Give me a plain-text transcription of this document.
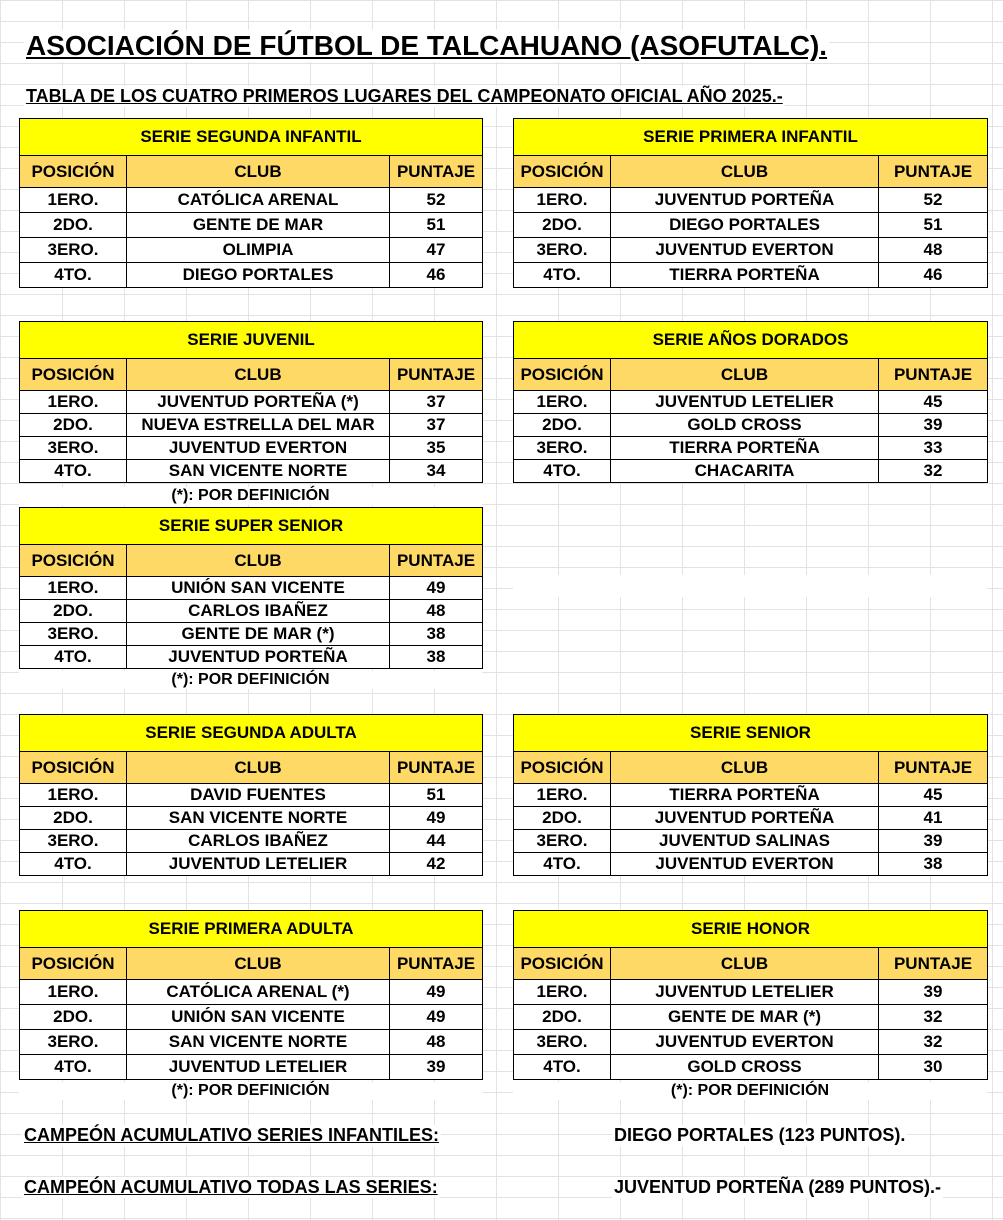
ASOCIACIÓN DE FÚTBOL DE TALCAHUANO (ASOFUTALC).
TABLA DE LOS CUATRO PRIMEROS LUGARES DEL CAMPEONATO OFICIAL AÑO 2025.-
SERIE SEGUNDA INFANTIL		
POSICIÓN	CLUB	PUNTAJE
1ERO.	CATÓLICA ARENAL	52
2DO.	GENTE DE MAR	51
3ERO.	OLIMPIA	47
4TO.	DIEGO PORTALES	46
SERIE PRIMERA INFANTIL		
POSICIÓN	CLUB	PUNTAJE
1ERO.	JUVENTUD PORTEÑA	52
2DO.	DIEGO PORTALES	51
3ERO.	JUVENTUD EVERTON	48
4TO.	TIERRA PORTEÑA	46
SERIE JUVENIL		
POSICIÓN	CLUB	PUNTAJE
1ERO.	JUVENTUD PORTEÑA (*)	37
2DO.	NUEVA ESTRELLA DEL MAR	37
3ERO.	JUVENTUD EVERTON	35
4TO.	SAN VICENTE NORTE	34
SERIE AÑOS DORADOS		
POSICIÓN	CLUB	PUNTAJE
1ERO.	JUVENTUD LETELIER	45
2DO.	GOLD CROSS	39
3ERO.	TIERRA PORTEÑA	33
4TO.	CHACARITA	32
SERIE SUPER SENIOR		
POSICIÓN	CLUB	PUNTAJE
1ERO.	UNIÓN SAN VICENTE	49
2DO.	CARLOS IBAÑEZ	48
3ERO.	GENTE DE MAR (*)	38
4TO.	JUVENTUD PORTEÑA	38
SERIE SEGUNDA ADULTA		
POSICIÓN	CLUB	PUNTAJE
1ERO.	DAVID FUENTES	51
2DO.	SAN VICENTE NORTE	49
3ERO.	CARLOS IBAÑEZ	44
4TO.	JUVENTUD LETELIER	42
SERIE SENIOR		
POSICIÓN	CLUB	PUNTAJE
1ERO.	TIERRA PORTEÑA	45
2DO.	JUVENTUD PORTEÑA	41
3ERO.	JUVENTUD SALINAS	39
4TO.	JUVENTUD EVERTON	38
SERIE PRIMERA ADULTA		
POSICIÓN	CLUB	PUNTAJE
1ERO.	CATÓLICA ARENAL (*)	49
2DO.	UNIÓN SAN VICENTE	49
3ERO.	SAN VICENTE NORTE	48
4TO.	JUVENTUD LETELIER	39
SERIE HONOR		
POSICIÓN	CLUB	PUNTAJE
1ERO.	JUVENTUD LETELIER	39
2DO.	GENTE DE MAR (*)	32
3ERO.	JUVENTUD EVERTON	32
4TO.	GOLD CROSS	30
(*): POR DEFINICIÓN
(*): POR DEFINICIÓN
(*): POR DEFINICIÓN	(*): POR DEFINICIÓN
CAMPEÓN ACUMULATIVO SERIES INFANTILES:	DIEGO PORTALES (123 PUNTOS).
CAMPEÓN ACUMULATIVO TODAS LAS SERIES:	JUVENTUD PORTEÑA (289 PUNTOS).-
